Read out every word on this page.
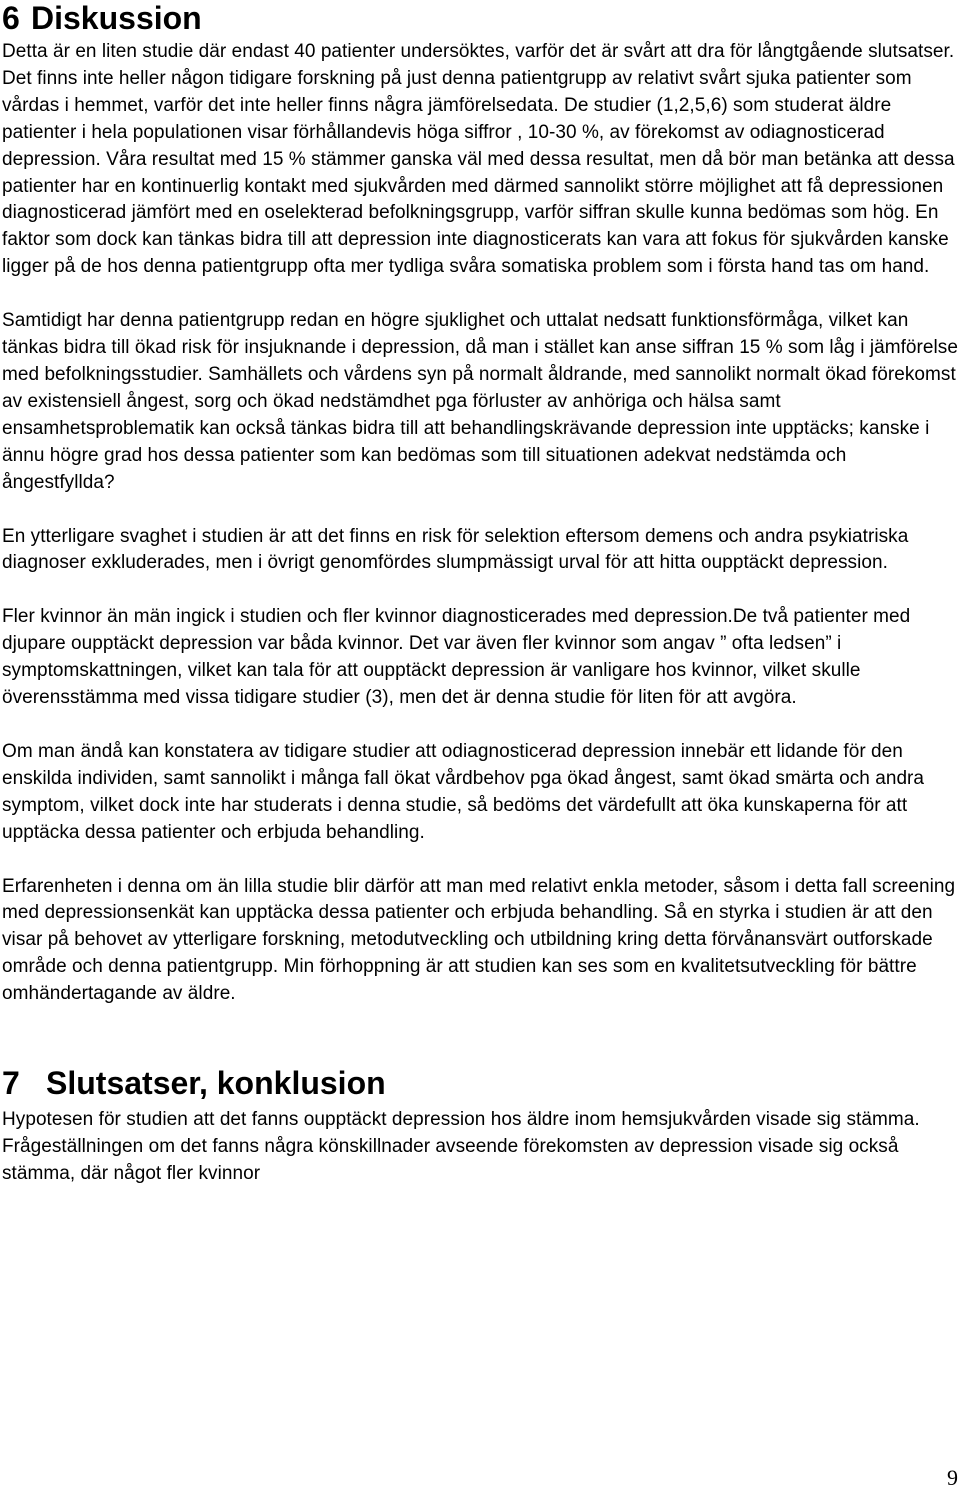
6 Diskussion

Detta är en liten studie där endast 40 patienter undersöktes, varför det är svårt att dra för långtgående slutsatser. Det finns inte heller någon tidigare forskning på just denna patientgrupp av relativt svårt sjuka patienter som vårdas i hemmet, varför det inte heller finns några jämförelsedata. De studier (1,2,5,6) som studerat äldre patienter i hela populationen visar förhållandevis höga siffror , 10-30 %, av förekomst av odiagnosticerad depression. Våra resultat med 15 % stämmer ganska väl med dessa resultat, men då bör man betänka att dessa patienter har en kontinuerlig kontakt med sjukvården med därmed sannolikt större möjlighet att få depressionen diagnosticerad jämfört med en oselekterad befolkningsgrupp, varför siffran skulle kunna bedömas som hög. En faktor som dock kan tänkas bidra till att depression inte diagnosticerats kan vara att fokus för sjukvården kanske ligger på de hos denna patientgrupp ofta mer tydliga svåra somatiska problem som i första hand tas om hand.

Samtidigt har denna patientgrupp redan en högre sjuklighet och uttalat nedsatt funktionsförmåga, vilket kan tänkas bidra till ökad risk för insjuknande i depression, då man i stället kan anse siffran 15 % som låg i jämförelse med befolkningsstudier. Samhällets och vårdens syn på normalt åldrande, med sannolikt normalt ökad förekomst av existensiell ångest, sorg och ökad nedstämdhet pga förluster av anhöriga och hälsa samt ensamhetsproblematik kan också tänkas bidra till att behandlingskrävande depression inte upptäcks; kanske i ännu högre grad hos dessa patienter som kan bedömas som till situationen adekvat nedstämda och ångestfyllda?

En ytterligare svaghet i studien är att det finns en risk för selektion eftersom demens och andra psykiatriska diagnoser exkluderades, men i övrigt genomfördes slumpmässigt urval för att hitta oupptäckt depression.

Fler kvinnor än män ingick i studien och fler kvinnor diagnosticerades med depression.De två patienter med djupare oupptäckt depression var båda kvinnor. Det var även fler kvinnor som angav ” ofta ledsen” i symptomskattningen, vilket kan tala för att oupptäckt depression är vanligare hos kvinnor, vilket skulle överensstämma med vissa tidigare studier (3), men det är denna studie för liten för att avgöra.

Om man ändå kan konstatera av tidigare studier att odiagnosticerad depression innebär ett lidande för den enskilda individen, samt sannolikt i många fall ökat vårdbehov pga ökad ångest, samt ökad smärta och andra symptom, vilket dock inte har studerats i denna studie, så bedöms det värdefullt att öka kunskaperna för att upptäcka dessa patienter och erbjuda behandling.

Erfarenheten i denna om än lilla studie blir därför att man med relativt enkla metoder, såsom i detta fall screening med depressionsenkät kan upptäcka dessa patienter och erbjuda behandling. Så en styrka i studien är att den visar på behovet av ytterligare forskning, metodutveckling och utbildning kring detta förvånansvärt outforskade område och denna patientgrupp. Min förhoppning är att studien kan ses som en kvalitetsutveckling för bättre omhändertagande av äldre.

7 Slutsatser, konklusion

Hypotesen för studien att det fanns oupptäckt depression hos äldre inom hemsjukvården visade sig stämma. Frågeställningen om det fanns några könskillnader avseende förekomsten av depression visade sig också stämma, där något fler kvinnor

9
